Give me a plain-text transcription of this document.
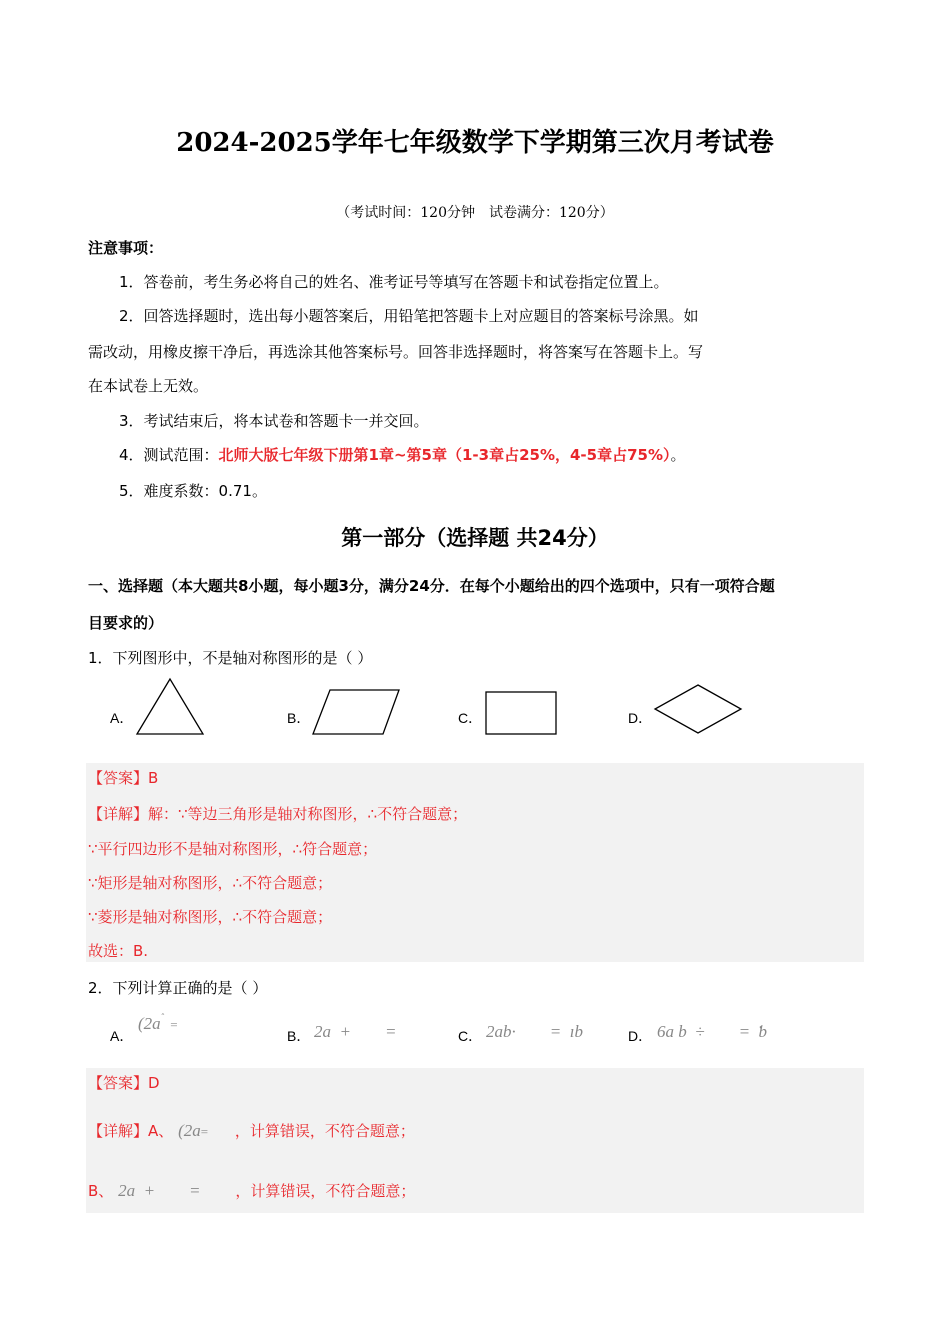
2024-2025学年七年级数学下学期第三次月考试卷
（考试时间：120分钟　试卷满分：120分）
注意事项：
1．答卷前，考生务必将自己的姓名、准考证号等填写在答题卡和试卷指定位置上。
2．回答选择题时，选出每小题答案后，用铅笔把答题卡上对应题目的答案标号涂黑。如
需改动，用橡皮擦干净后，再选涂其他答案标号。回答非选择题时，将答案写在答题卡上。写
在本试卷上无效。
3．考试结束后，将本试卷和答题卡一并交回。
4．测试范围：北师大版七年级下册第1章~第5章（1-3章占25%，4-5章占75%）。
5．难度系数：0.71。
第一部分（选择题 共24分）
一、选择题（本大题共8小题，每小题3分，满分24分．在每个小题给出的四个选项中，只有一项符合题
目要求的）
1．下列图形中，不是轴对称图形的是（ ）
A．	B．	C．	D．
【答案】B
【详解】解：∵等边三角形是轴对称图形，∴不符合题意；
∵平行四边形不是轴对称图形，∴符合题意；
∵矩形是轴对称图形，∴不符合题意；
∵菱形是轴对称图形，∴不符合题意；
故选：B.
2．下列计算正确的是（ ）
A．
($2a^ˆ$ =
B． 2a  +        =	C． 2ab·        =  ıb	D． 6a b  ÷        =  ƅ
【答案】D
【详解】A、 (2a= ，计算错误，不符合题意；
B、 2a  +        = ，计算错误，不符合题意；
